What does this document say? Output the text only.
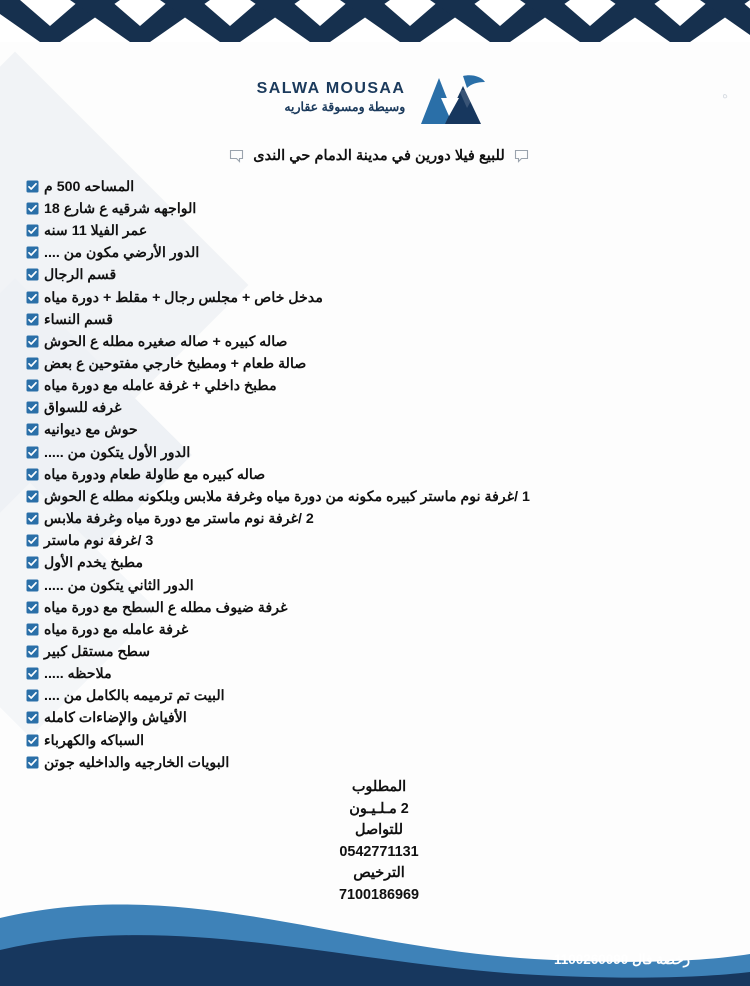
SALWA MOUSAA
وسيطة ومسوقة عقاريه
ه
للبيع فيلا دورين في مدينة الدمام حي الندى
المساحه 500 م
الواجهه شرقيه ع شارع 18
عمر الفيلا 11 سنه
الدور الأرضي مكون من ....
قسم الرجال
مدخل خاص + مجلس رجال + مقلط + دورة مياه
قسم النساء
صاله كبيره + صاله صغيره مطله ع الحوش
صالة طعام + ومطبخ خارجي مفتوحين ع بعض
مطبخ داخلي + غرفة عامله مع دورة مياه
غرفه للسواق
حوش مع ديوانيه
الدور الأول يتكون من .....
صاله كبيره مع طاولة طعام ودورة مياه
1 /غرفة نوم ماستر كبيره مكونه من دورة مياه وغرفة ملابس وبلكونه مطله ع الحوش
2 /غرفة نوم ماستر مع دورة مياه وغرفة ملابس
3 /غرفة نوم ماستر
مطبخ يخدم الأول
الدور الثاني يتكون من .....
غرفة ضيوف مطله ع السطح مع دورة مياه
غرفة عامله مع دورة مياه
سطح مستقل كبير
ملاحظه .....
البيت تم ترميمه بالكامل من ....
الأفياش والإضاءات كامله
السباكه والكهرباء
البويات الخارجيه والداخليه جوتن
المطلوب
2 مـلـيـون
للتواصل
0542771131
الترخيص
7100186969
رخصة فال 1100260090
